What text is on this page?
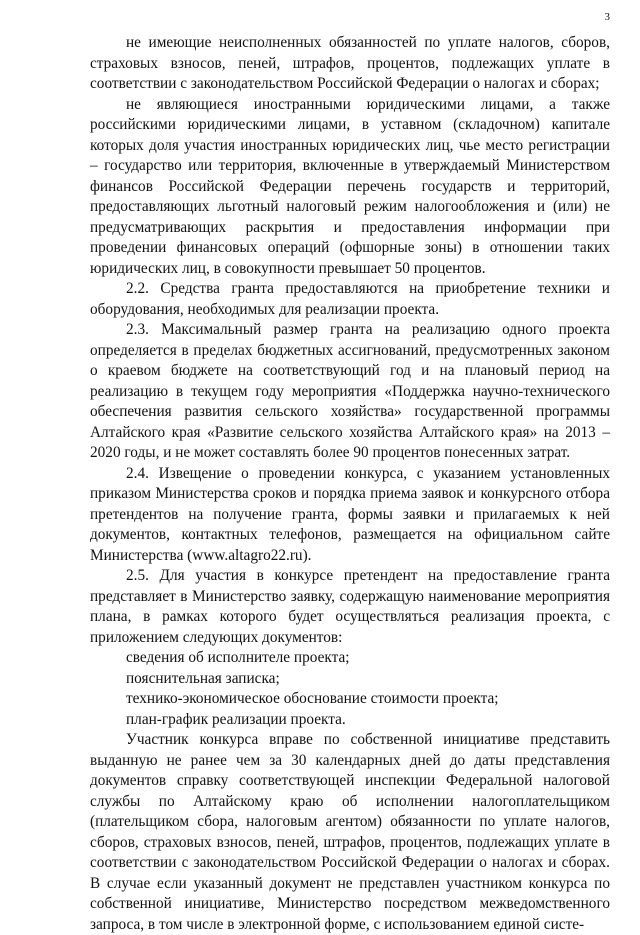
3

не имеющие неисполненных обязанностей по уплате налогов, сборов, страховых взносов, пеней, штрафов, процентов, подлежащих уплате в соответствии с законодательством Российской Федерации о налогах и сборах;

не являющиеся иностранными юридическими лицами, а также российскими юридическими лицами, в уставном (складочном) капитале которых доля участия иностранных юридических лиц, чье место регистрации – государство или территория, включенные в утверждаемый Министерством финансов Российской Федерации перечень государств и территорий, предоставляющих льготный налоговый режим налогообложения и (или) не предусматривающих раскрытия и предоставления информации при проведении финансовых операций (офшорные зоны) в отношении таких юридических лиц, в совокупности превышает 50 процентов.

2.2. Средства гранта предоставляются на приобретение техники и оборудования, необходимых для реализации проекта.

2.3. Максимальный размер гранта на реализацию одного проекта определяется в пределах бюджетных ассигнований, предусмотренных законом о краевом бюджете на соответствующий год и на плановый период на реализацию в текущем году мероприятия «Поддержка научно-технического обеспечения развития сельского хозяйства» государственной программы Алтайского края «Развитие сельского хозяйства Алтайского края» на 2013 – 2020 годы, и не может составлять более 90 процентов понесенных затрат.

2.4. Извещение о проведении конкурса, с указанием установленных приказом Министерства сроков и порядка приема заявок и конкурсного отбора претендентов на получение гранта, формы заявки и прилагаемых к ней документов, контактных телефонов, размещается на официальном сайте Министерства (www.altagro22.ru).

2.5. Для участия в конкурсе претендент на предоставление гранта представляет в Министерство заявку, содержащую наименование мероприятия плана, в рамках которого будет осуществляться реализация проекта, с приложением следующих документов:

сведения об исполнителе проекта;

пояснительная записка;

технико-экономическое обоснование стоимости проекта;

план-график реализации проекта.

Участник конкурса вправе по собственной инициативе представить выданную не ранее чем за 30 календарных дней до даты представления документов справку соответствующей инспекции Федеральной налоговой службы по Алтайскому краю об исполнении налогоплательщиком (плательщиком сбора, налоговым агентом) обязанности по уплате налогов, сборов, страховых взносов, пеней, штрафов, процентов, подлежащих уплате в соответствии с законодательством Российской Федерации о налогах и сборах. В случае если указанный документ не представлен участником конкурса по собственной инициативе, Министерство посредством межведомственного запроса, в том числе в электронной форме, с использованием единой систе-
